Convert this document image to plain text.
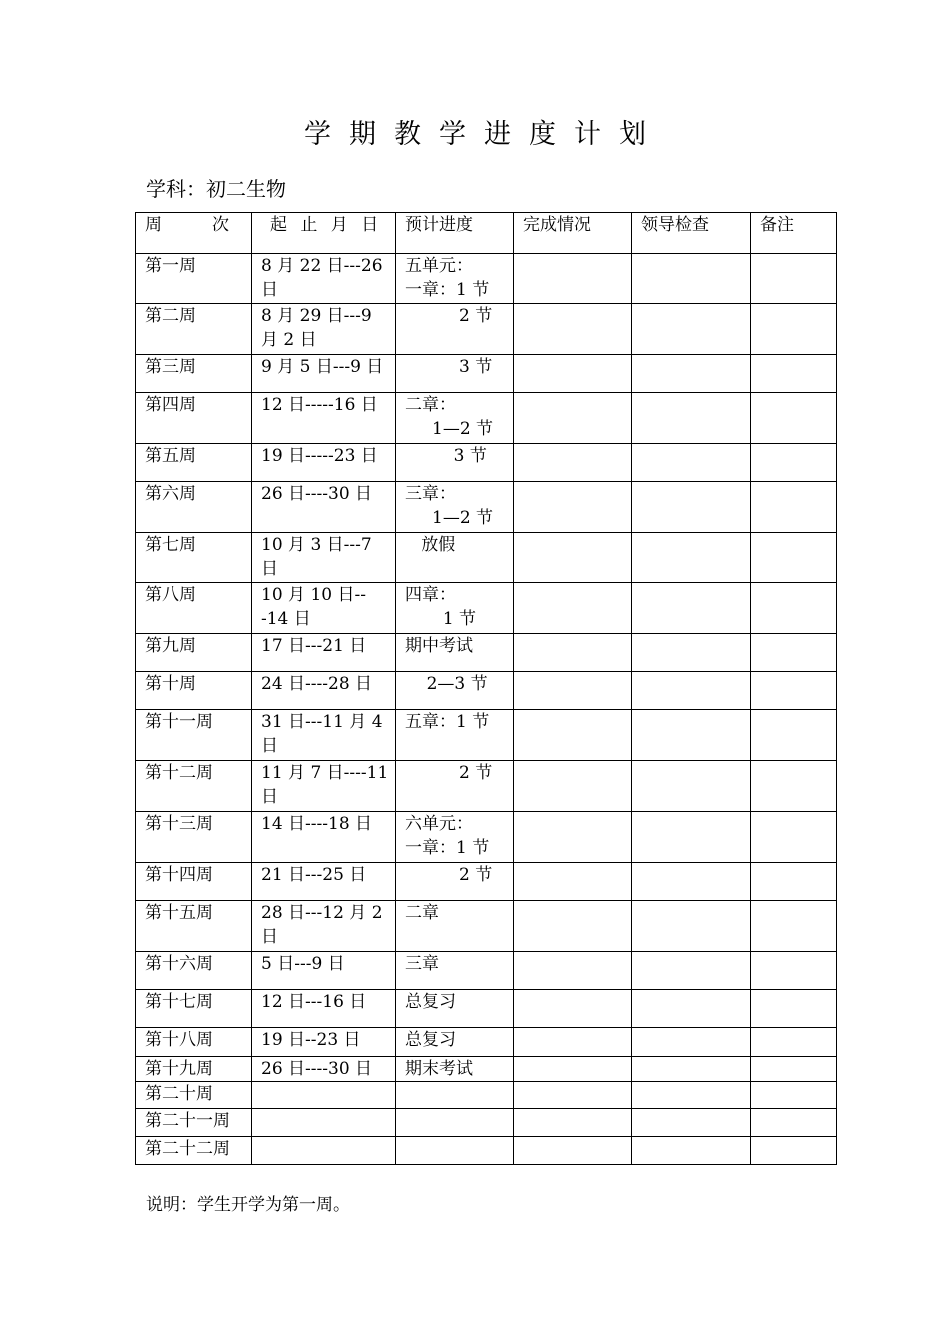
学期教学进度计划
学科：初二生物
周 次	起 止 月 日	预计进度	完成情况	领导检查	备注
第一周	8 月 22 日---26 日	五单元：
一章：1 节			
第二周	8 月 29 日---9 月 2 日	2 节			
第三周	9 月 5 日---9 日	3 节			
第四周	12 日-----16 日	二章：
1—2 节			
第五周	19 日-----23 日	3 节			
第六周	26 日----30 日	三章：
1—2 节			
第七周	10 月 3 日---7 日	放假			
第八周	10 月 10 日---14 日	四章：
1 节			
第九周	17 日---21 日	期中考试			
第十周	24 日----28 日	2—3 节			
第十一周	31 日---11 月 4 日	五章：1 节			
第十二周	11 月 7 日----11 日	2 节			
第十三周	14 日----18 日	六单元：
一章：1 节			
第十四周	21 日---25 日	2 节			
第十五周	28 日---12 月 2 日	二章			
第十六周	5 日---9 日	三章			
第十七周	12 日---16 日	总复习			
第十八周	19 日--23 日	总复习			
第十九周	26 日----30 日	期末考试			
第二十周					
第二十一周					
第二十二周					
说明：学生开学为第一周。
